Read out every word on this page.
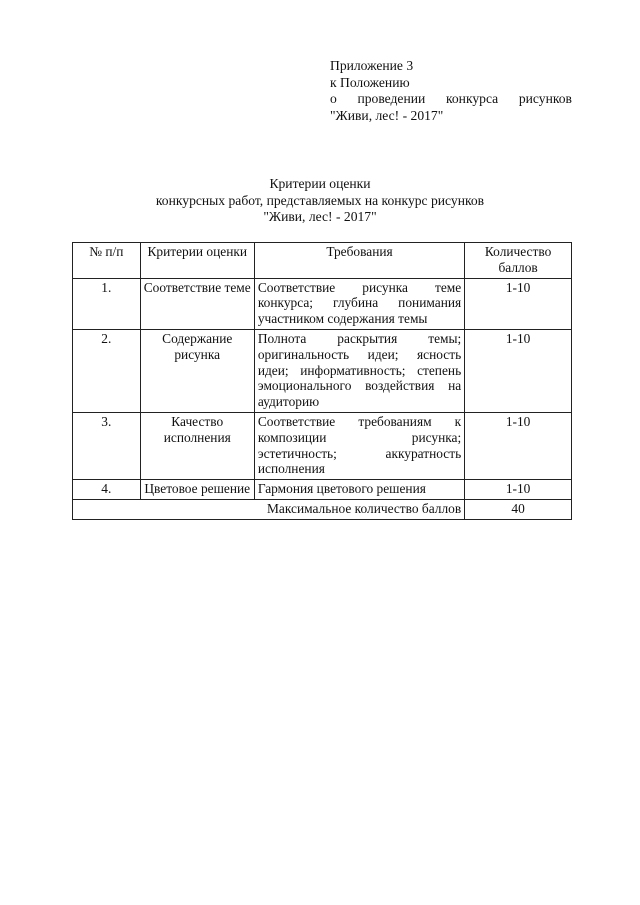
Приложение 3
к Положению
о проведении конкурса рисунков
"Живи, лес! - 2017"
Критерии оценки
конкурсных работ, представляемых на конкурс рисунков
"Живи, лес! - 2017"
№ п/п	Критерии оценки	Требования	Количество баллов
1.	Соответствие теме	Соответствие рисунка теме конкурса; глубина понимания участником содержания темы	1-10
2.	Содержание рисунка	Полнота раскрытия темы; оригинальность идеи; ясность идеи; информативность; степень эмоционального воздействия на аудиторию	1-10
3.	Качество исполнения	Соответствие требованиям к композиции рисунка; эстетичность; аккуратность исполнения	1-10
4.	Цветовое решение	Гармония цветового решения	1-10
Максимальное количество баллов			40
